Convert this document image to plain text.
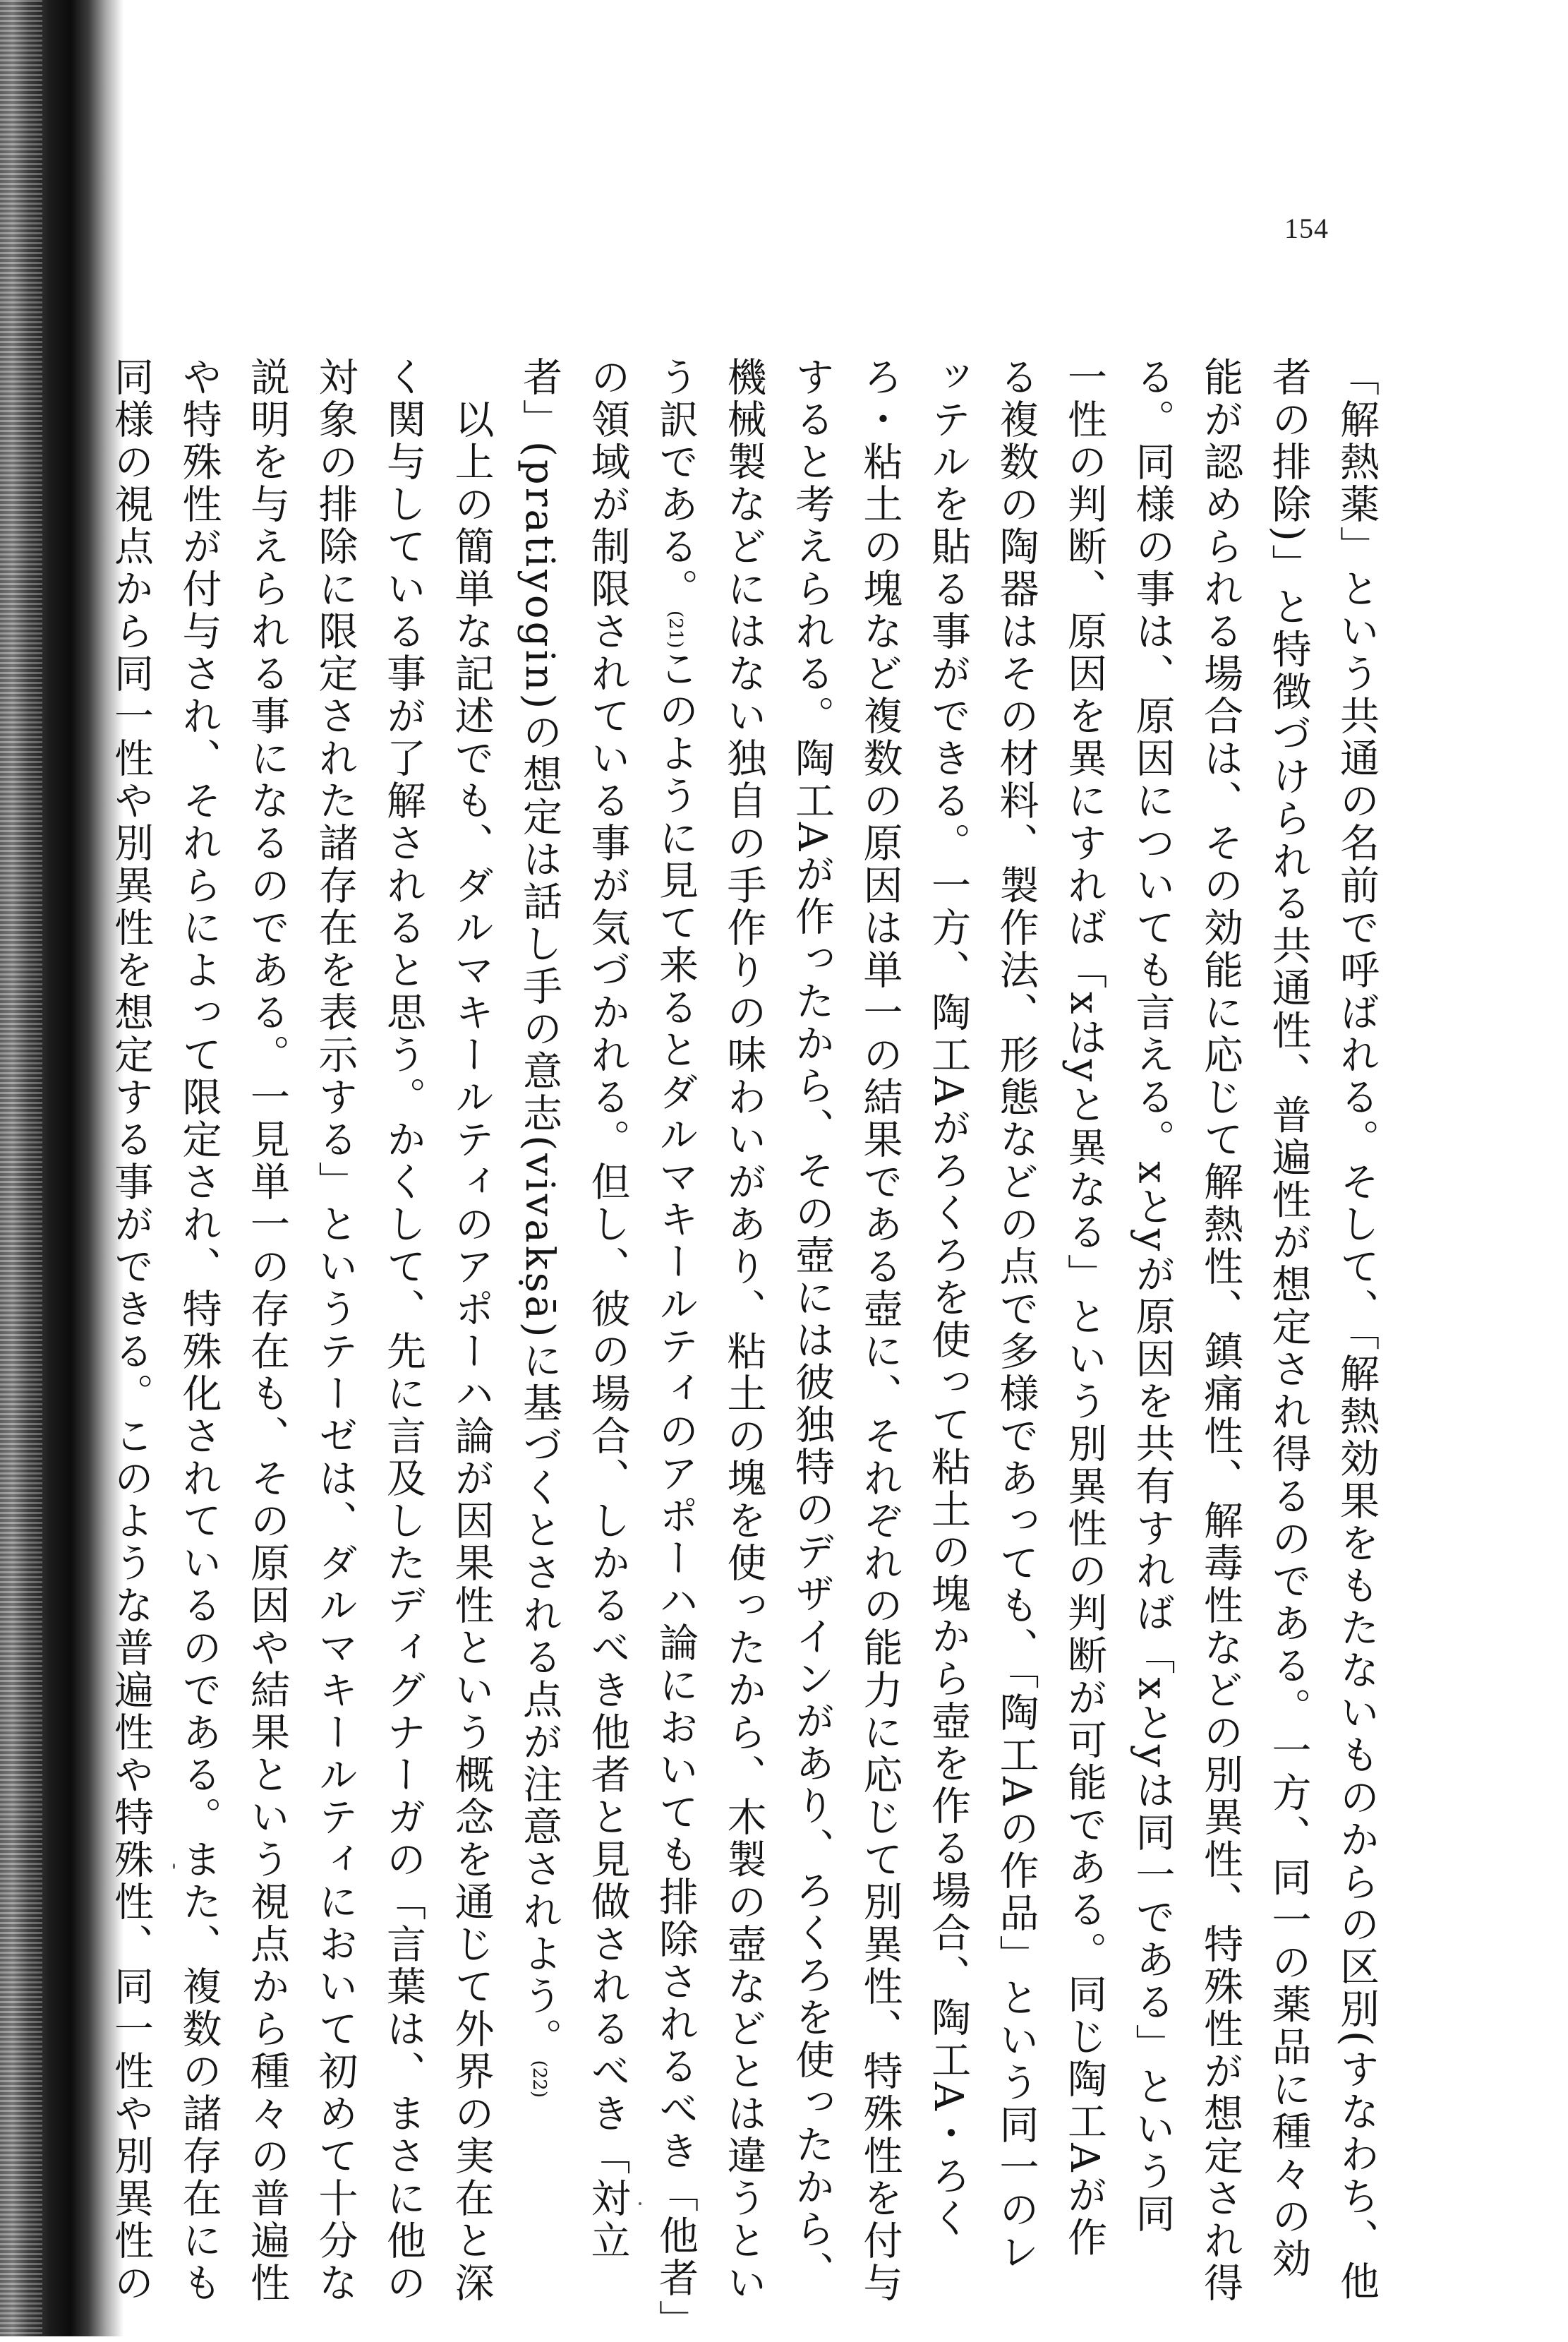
154
「解熱薬」という共通の名前で呼ばれる。そして、「解熱効果をもたないものからの区別(すなわち、他
者の排除)」と特徴づけられる共通性、普遍性が想定され得るのである。一方、同一の薬品に種々の効
能が認められる場合は、その効能に応じて解熱性、鎮痛性、解毒性などの別異性、特殊性が想定され得
る。同様の事は、原因についても言える。xとyが原因を共有すれば「xとyは同一である」という同
一性の判断、原因を異にすれば「xはyと異なる」という別異性の判断が可能である。同じ陶工Aが作
る複数の陶器はその材料、製作法、形態などの点で多様であっても、「陶工Aの作品」という同一のレ
ッテルを貼る事ができる。一方、陶工Aがろくろを使って粘土の塊から壺を作る場合、陶工A・ろく
ろ・粘土の塊など複数の原因は単一の結果である壺に、それぞれの能力に応じて別異性、特殊性を付与
すると考えられる。陶工Aが作ったから、その壺には彼独特のデザインがあり、ろくろを使ったから、
機械製などにはない独自の手作りの味わいがあり、粘土の塊を使ったから、木製の壺などとは違うとい
う訳である。(21)このように見て来るとダルマキールティのアポーハ論においても排除されるべき「他者」
の領域が制限されている事が気づかれる。但し、彼の場合、しかるべき他者と見做されるべき「対立
者」(pratiyogin)の想定は話し手の意志(vivakṣā)に基づくとされる点が注意されよう。(22)
　以上の簡単な記述でも、ダルマキールティのアポーハ論が因果性という概念を通じて外界の実在と深
く関与している事が了解されると思う。かくして、先に言及したディグナーガの「言葉は、まさに他の
対象の排除に限定された諸存在を表示する」というテーゼは、ダルマキールティにおいて初めて十分な
説明を与えられる事になるのである。一見単一の存在も、その原因や結果という視点から種々の普遍性
や特殊性が付与され、それらによって限定され、特殊化されているのである。また、複数の諸存在にも
同様の視点から同一性や別異性を想定する事ができる。このような普遍性や特殊性、同一性や別異性の
